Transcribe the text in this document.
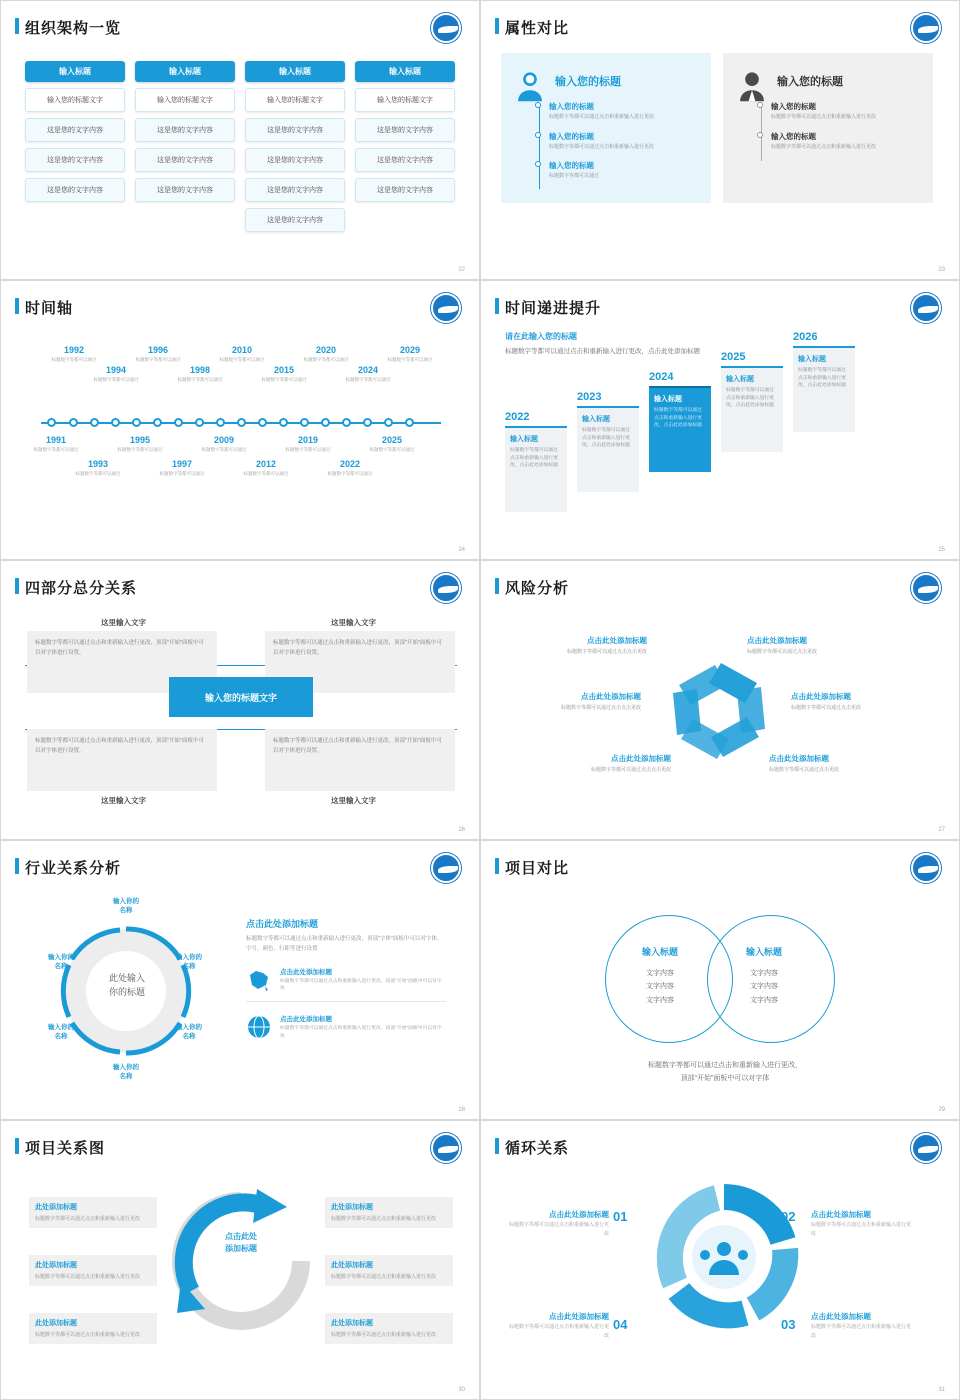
组织架构一览
输入标题
输入您的标题文字
这是您的文字内容
这是您的文字内容
这是您的文字内容
输入标题
输入您的标题文字
这是您的文字内容
这是您的文字内容
这是您的文字内容
输入标题
输入您的标题文字
这是您的文字内容
这是您的文字内容
这是您的文字内容
这是您的文字内容
输入标题
输入您的标题文字
这是您的文字内容
这是您的文字内容
这是您的文字内容
22
属性对比
输入您的标题
输入您的标题
标题数字等都可以通过点击和重新输入进行更改
输入您的标题
标题数字等都可以通过点击和重新输入进行更改
输入您的标题
标题数字等都可以通过
输入您的标题
输入您的标题
标题数字等都可以通过点击和重新输入进行更改
输入您的标题
标题数字等都可以通过点击和重新输入进行更改
23
时间轴
1992
标题数字等都可以通过
1996
标题数字等都可以通过
2010
标题数字等都可以通过
2020
标题数字等都可以通过
2029
标题数字等都可以通过
1994
标题数字等都可以通过
1998
标题数字等都可以通过
2015
标题数字等都可以通过
2024
标题数字等都可以通过
1991
标题数字等都可以通过
1995
标题数字等都可以通过
2009
标题数字等都可以通过
2019
标题数字等都可以通过
2025
标题数字等都可以通过
1993
标题数字等都可以通过
1997
标题数字等都可以通过
2012
标题数字等都可以通过
2022
标题数字等都可以通过
24
时间递进提升
请在此输入您的标题
标题数字等都可以通过点击和重新输入进行更改，点击此处添加标题
2022
输入标题
标题数字等都可以通过点击和重新输入进行更改，点击此处添加标题
2023
输入标题
标题数字等都可以通过点击和重新输入进行更改，点击此处添加标题
2024
输入标题
标题数字等都可以通过点击和重新输入进行更改，点击此处添加标题
2025
输入标题
标题数字等都可以通过点击和重新输入进行更改，点击此处添加标题
2026
输入标题
标题数字等都可以通过点击和重新输入进行更改，点击此处添加标题
25
四部分总分关系
这里输入文字
标题数字等都可以通过点击和重新输入进行更改，顶部"开始"面板中可以对字体进行设置。
这里输入文字
标题数字等都可以通过点击和重新输入进行更改，顶部"开始"面板中可以对字体进行设置。
标题数字等都可以通过点击和重新输入进行更改，顶部"开始"面板中可以对字体进行设置。
这里输入文字
标题数字等都可以通过点击和重新输入进行更改，顶部"开始"面板中可以对字体进行设置。
这里输入文字
输入您的标题文字
26
风险分析
点击此处添加标题
标题数字等都可以通过点击点击更改
点击此处添加标题
标题数字等都可以通过点击点击更改
点击此处添加标题
标题数字等都可以通过点击点击更改
点击此处添加标题
标题数字等都可以通过点击更改
点击此处添加标题
标题数字等都可以通过点击更改
点击此处添加标题
标题数字等都可以通过点击更改
27
行业关系分析
此处输入
你的标题
输入你的
名称
输入你的
名称
输入你的
名称
输入你的
名称
输入你的
名称
输入你的
名称
点击此处添加标题
标题数字等都可以通过点击和重新输入进行更改，顶部"字体"面板中可以对字体、字号、颜色、行距等进行设置
点击此处添加标题
标题数字等都可以通过点击和重新输入进行更改，顶部"开始"面板中可以对字体
点击此处添加标题
标题数字等都可以通过点击和重新输入进行更改，顶部"开始"面板中可以对字体
28
项目对比
输入标题
文字内容
文字内容
文字内容
输入标题
文字内容
文字内容
文字内容
标题数字等都可以通过点击和重新输入进行更改，
顶部“开始”面板中可以对字体
29
项目关系图
点击此处
添加标题
此处添加标题
标题数字等都可以通过点击和重新输入进行更改
此处添加标题
标题数字等都可以通过点击和重新输入进行更改
此处添加标题
标题数字等都可以通过点击和重新输入进行更改
此处添加标题
标题数字等都可以通过点击和重新输入进行更改
此处添加标题
标题数字等都可以通过点击和重新输入进行更改
此处添加标题
标题数字等都可以通过点击和重新输入进行更改
30
循环关系
01	点击此处添加标题
标题数字等都可以通过点击和重新输入进行更改
02
点击此处添加标题
标题数字等都可以通过点击和重新输入进行更改
04
点击此处添加标题
标题数字等都可以通过点击和重新输入进行更改
03
点击此处添加标题
标题数字等都可以通过点击和重新输入进行更改
31
